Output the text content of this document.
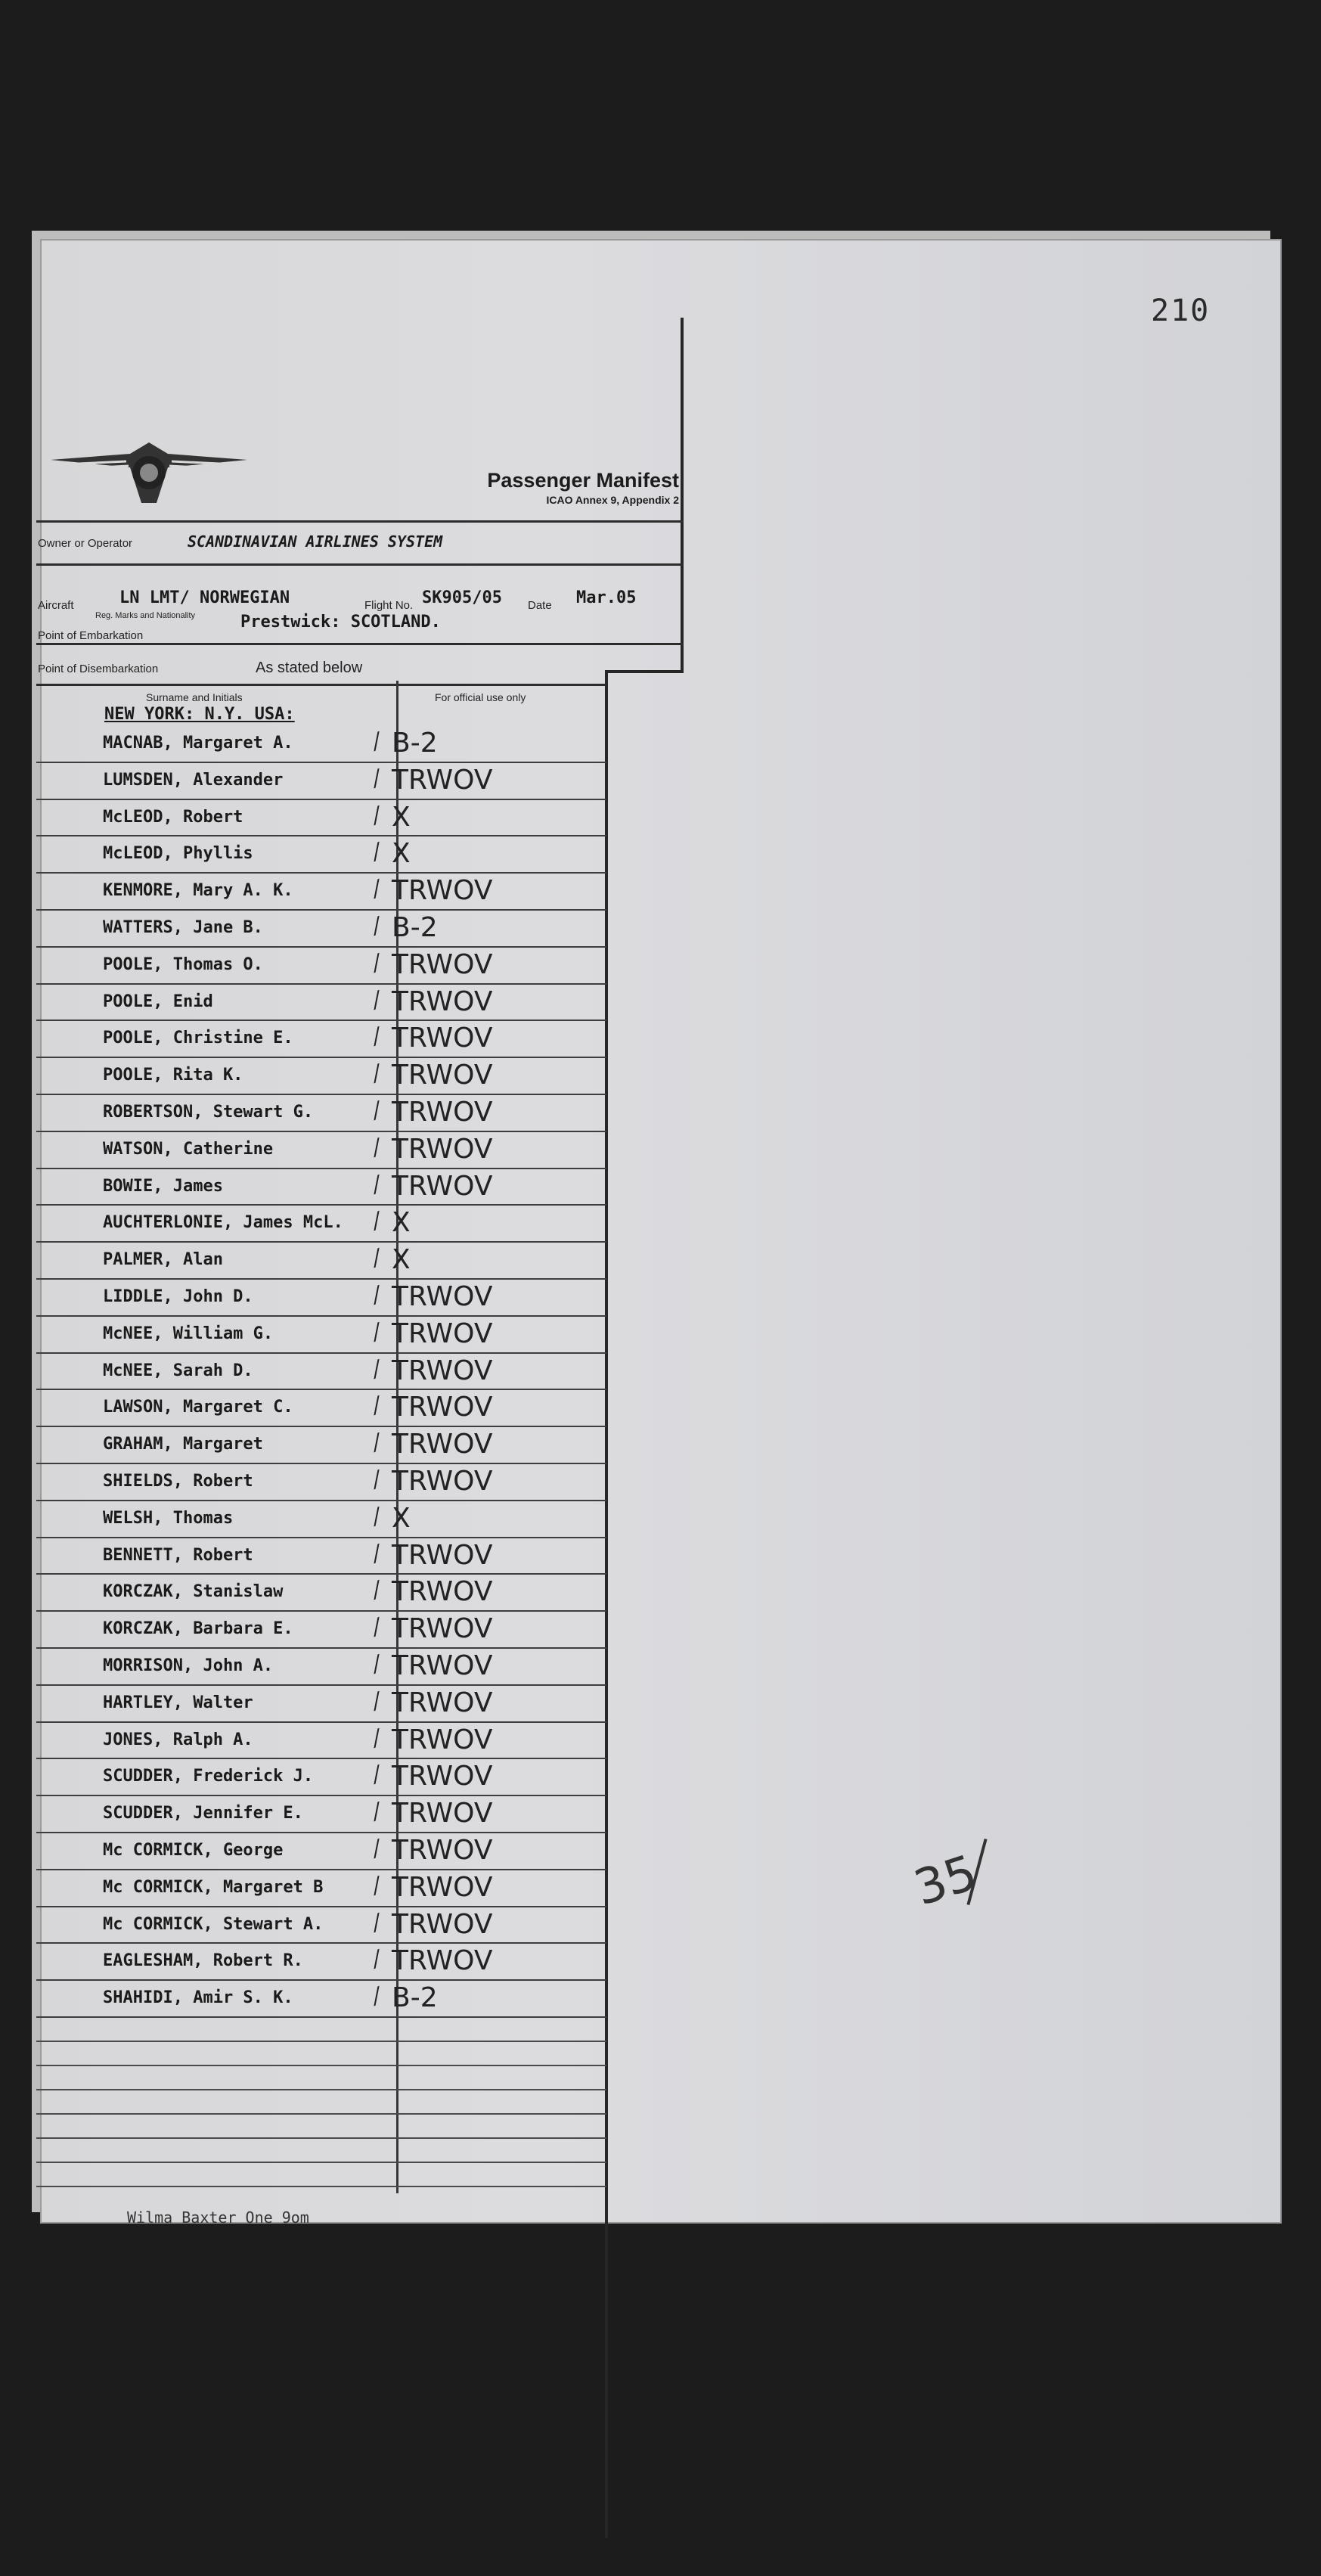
210
Passenger Manifest
ICAO Annex 9, Appendix 2
Owner or Operator	SCANDINAVIAN AIRLINES SYSTEM
Aircraft	LN LMT/ NORWEGIAN
Reg. Marks and Nationality
Flight No. SK905/05 Date Mar.05
Prestwick: SCOTLAND.
Point of Embarkation
Point of Disembarkation	As stated below
Surname and Initials	For official use only
NEW YORK: N.Y. USA:
MACNAB, Margaret A.	⁄ B-2
LUMSDEN, Alexander	⁄ TRWOV
McLEOD, Robert	⁄ X
McLEOD, Phyllis	⁄ X
KENMORE, Mary A. K.	⁄ TRWOV
WATTERS, Jane B.	⁄ B-2
POOLE, Thomas O.	⁄ TRWOV
POOLE, Enid	⁄ TRWOV
POOLE, Christine E.	⁄ TRWOV
POOLE, Rita K.	⁄ TRWOV
ROBERTSON, Stewart G.	⁄ TRWOV
WATSON, Catherine	⁄ TRWOV
BOWIE, James	⁄ TRWOV
AUCHTERLONIE, James McL. ⁄ X
PALMER, Alan	⁄ X
LIDDLE, John D.	⁄ TRWOV
McNEE, William G.	⁄ TRWOV
McNEE, Sarah D.	⁄ TRWOV
LAWSON, Margaret C.	⁄ TRWOV
GRAHAM, Margaret	⁄ TRWOV
SHIELDS, Robert	⁄ TRWOV
WELSH, Thomas	⁄ X
BENNETT, Robert	⁄ TRWOV
KORCZAK, Stanislaw	⁄ TRWOV
KORCZAK, Barbara E.	⁄ TRWOV
MORRISON, John A.	⁄ TRWOV
HARTLEY, Walter	⁄ TRWOV
JONES, Ralph A.	⁄ TRWOV
SCUDDER, Frederick J.	⁄ TRWOV
SCUDDER, Jennifer E.	⁄ TRWOV
Mc CORMICK, George	⁄ TRWOV
Mc CORMICK, Margaret B ⁄ TRWOV
Mc CORMICK, Stewart A. ⁄ TRWOV
EAGLESHAM, Robert R.	⁄ TRWOV
SHAHIDI, Amir S. K.	⁄ B-2
Wilma Baxter One 9om
35
